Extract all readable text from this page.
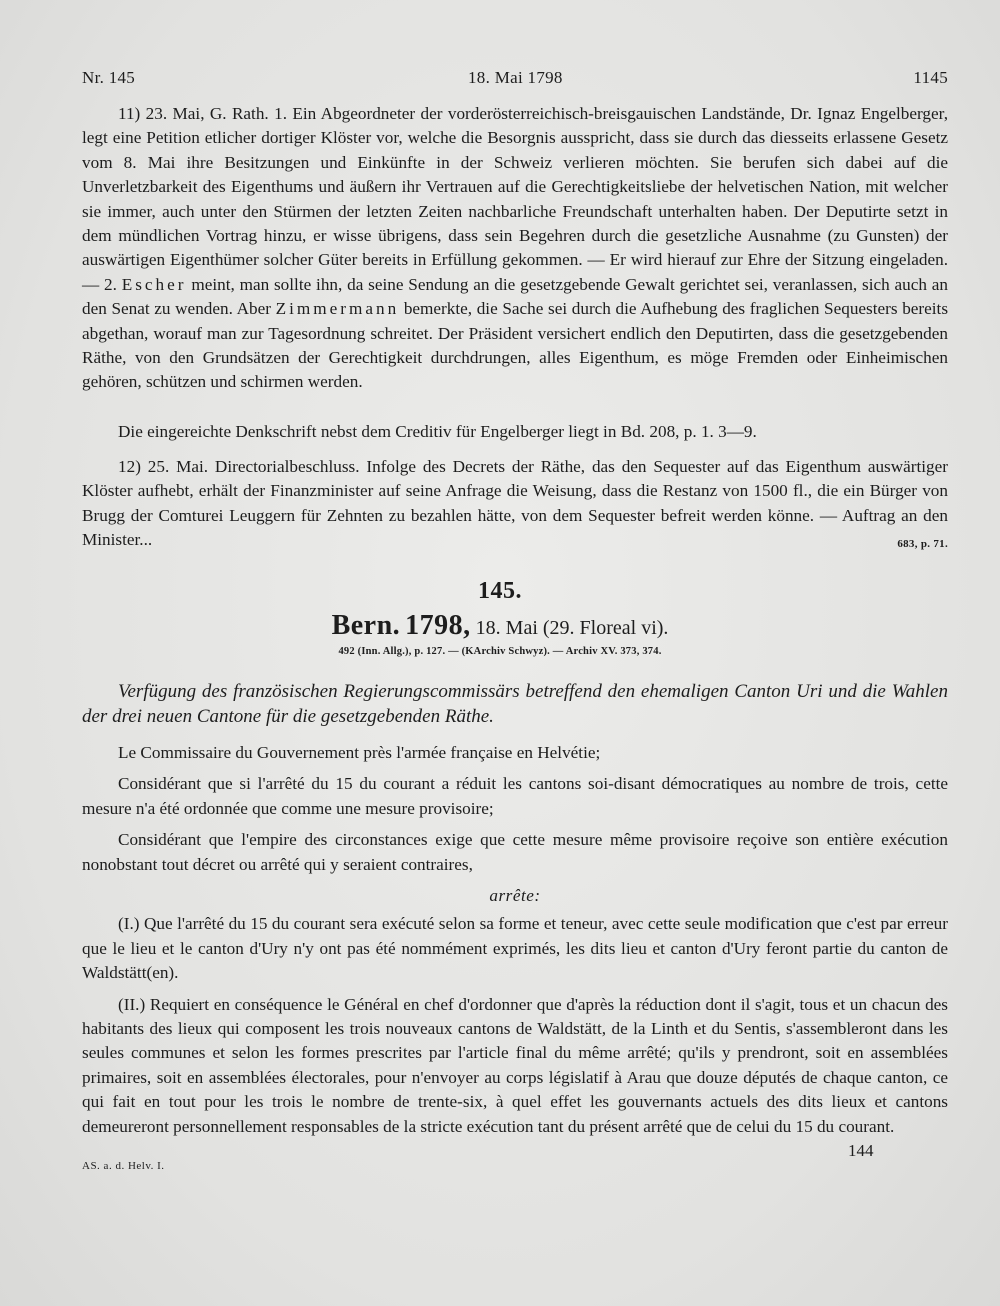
Nr. 145	18. Mai 1798	1145

11) 23. Mai, G. Rath. 1. Ein Abgeordneter der vorderösterreichisch-breisgauischen Landstände, Dr. Ignaz Engelberger, legt eine Petition etlicher dortiger Klöster vor, welche die Besorgnis ausspricht, dass sie durch das diesseits erlassene Gesetz vom 8. Mai ihre Besitzungen und Einkünfte in der Schweiz verlieren möchten. Sie berufen sich dabei auf die Unverletzbarkeit des Eigenthums und äußern ihr Vertrauen auf die Gerechtigkeitsliebe der helvetischen Nation, mit welcher sie immer, auch unter den Stürmen der letzten Zeiten nachbarliche Freundschaft unterhalten haben. Der Deputirte setzt in dem mündlichen Vortrag hinzu, er wisse übrigens, dass sein Begehren durch die gesetzliche Ausnahme (zu Gunsten) der auswärtigen Eigenthümer solcher Güter bereits in Erfüllung gekommen. — Er wird hierauf zur Ehre der Sitzung eingeladen. — 2. Escher meint, man sollte ihn, da seine Sendung an die gesetzgebende Gewalt gerichtet sei, veranlassen, sich auch an den Senat zu wenden. Aber Zimmermann bemerkte, die Sache sei durch die Aufhebung des fraglichen Sequesters bereits abgethan, worauf man zur Tagesordnung schreitet. Der Präsident versichert endlich den Deputirten, dass die gesetzgebenden Räthe, von den Grundsätzen der Gerechtigkeit durchdrungen, alles Eigenthum, es möge Fremden oder Einheimischen gehören, schützen und schirmen werden.

Die eingereichte Denkschrift nebst dem Creditiv für Engelberger liegt in Bd. 208, p. 1. 3—9.

12) 25. Mai. Directorialbeschluss. Infolge des Decrets der Räthe, das den Sequester auf das Eigenthum auswärtiger Klöster aufhebt, erhält der Finanzminister auf seine Anfrage die Weisung, dass die Restanz von 1500 fl., die ein Bürger von Brugg der Comturei Leuggern für Zehnten zu bezahlen hätte, von dem Sequester befreit werden könne. — Auftrag an den Minister...	683, p. 71.

145.
Bern. 1798, 18. Mai (29. Floreal vi).
492 (Inn. Allg.), p. 127. — (KArchiv Schwyz). — Archiv XV. 373, 374.
Verfügung des französischen Regierungscommissärs betreffend den ehemaligen Canton Uri und die Wahlen der drei neuen Cantone für die gesetzgebenden Räthe.

Le Commissaire du Gouvernement près l'armée française en Helvétie;

Considérant que si l'arrêté du 15 du courant a réduit les cantons soi-disant démocratiques au nombre de trois, cette mesure n'a été ordonnée que comme une mesure provisoire;

Considérant que l'empire des circonstances exige que cette mesure même provisoire reçoive son entière exécution nonobstant tout décret ou arrêté qui y seraient contraires,

arrête:

(I.) Que l'arrêté du 15 du courant sera exécuté selon sa forme et teneur, avec cette seule modification que c'est par erreur que le lieu et le canton d'Ury n'y ont pas été nommément exprimés, les dits lieu et canton d'Ury feront partie du canton de Waldstätt(en).

(II.) Requiert en conséquence le Général en chef d'ordonner que d'après la réduction dont il s'agit, tous et un chacun des habitants des lieux qui composent les trois nouveaux cantons de Waldstätt, de la Linth et du Sentis, s'assembleront dans les seules communes et selon les formes prescrites par l'article final du même arrêté; qu'ils y prendront, soit en assemblées primaires, soit en assemblées électorales, pour n'envoyer au corps législatif à Arau que douze députés de chaque canton, ce qui fait en tout pour les trois le nombre de trente-six, à quel effet les gouvernants actuels des dits lieux et cantons demeureront personnellement responsables de la stricte exécution tant du présent arrêté que de celui du 15 du courant.

144
AS. a. d. Helv. I.
